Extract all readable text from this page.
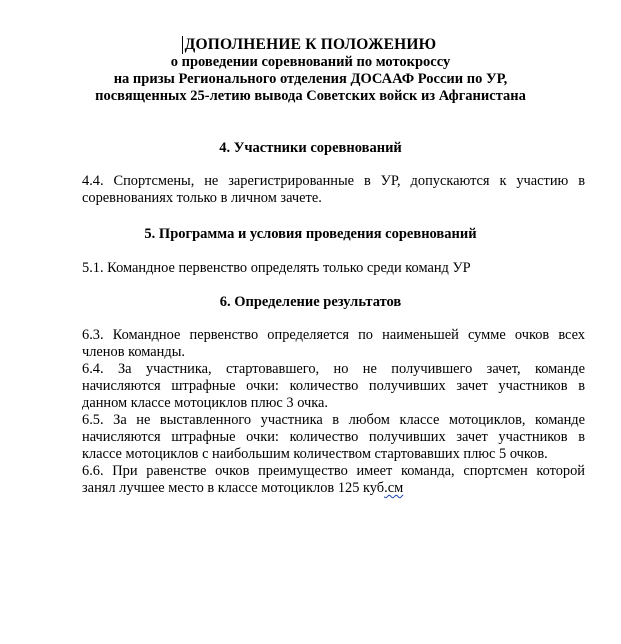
ДОПОЛНЕНИЕ К ПОЛОЖЕНИЮ
о проведении соревнований по мотокроссу
на призы Регионального отделения ДОСААФ России по УР,
посвященных 25-летию вывода Советских войск из Афганистана
4. Участники соревнований
4.4. Спортсмены, не зарегистрированные в УР, допускаются к участию в
соревнованиях только в личном зачете.
5. Программа и условия проведения соревнований
5.1. Командное первенство определять только среди команд УР
6. Определение результатов
6.3. Командное первенство определяется по наименьшей сумме очков всех
членов команды.
6.4. За участника, стартовавшего, но не получившего зачет, команде
начисляются штрафные очки: количество получивших зачет участников в
данном классе мотоциклов плюс 3 очка.
6.5. За не выставленного участника в любом классе мотоциклов, команде
начисляются штрафные очки: количество получивших зачет участников в
классе мотоциклов с наибольшим количеством стартовавших плюс 5 очков.
6.6. При равенстве очков преимущество имеет команда, спортсмен которой
занял лучшее место в классе мотоциклов 125 куб.см
